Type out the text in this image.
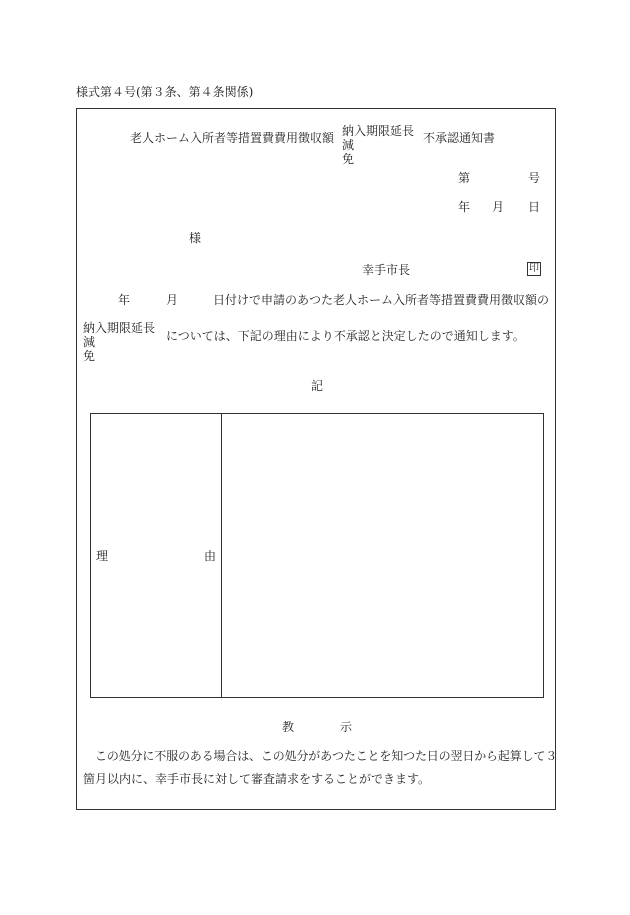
様式第４号(第３条、第４条関係)
老人ホーム入所者等措置費費用徴収額 納入期限延長
減
免
不承認通知書
第	号
年 月 日
様
幸手市長	印
年	月	日付けで申請のあつた老人ホーム入所者等措置費費用徴収額の
納入期限延長
減
免
については、下記の理由により不承認と決定したので通知します。
記
理	由
教	示
この処分に不服のある場合は、この処分があつたことを知つた日の翌日から起算して３
箇月以内に、幸手市長に対して審査請求をすることができます。
